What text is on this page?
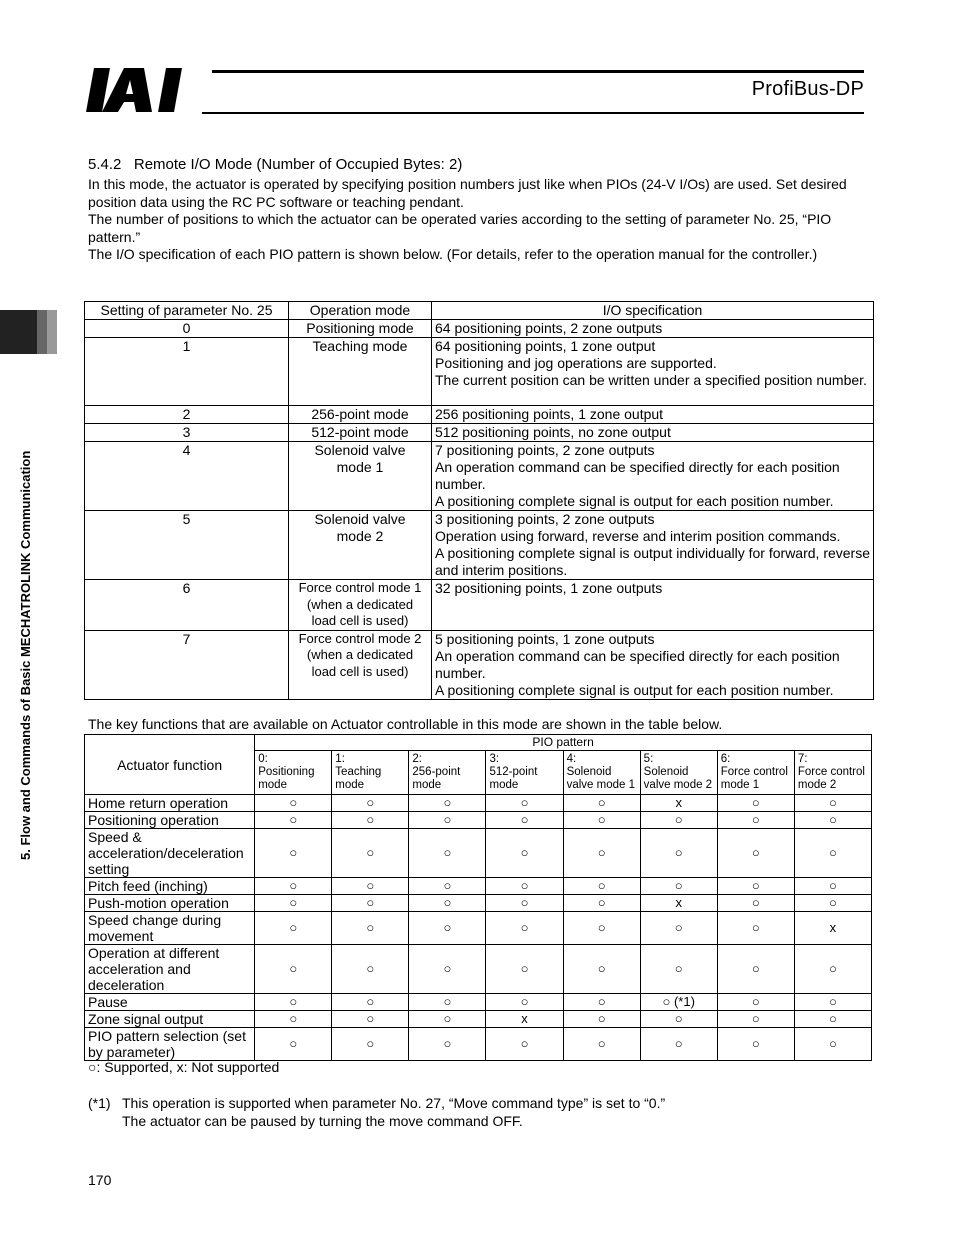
IAI
ProfiBus-DP
5. Flow and Commands of Basic MECHATROLINK Communication
5.4.2   Remote I/O Mode (Number of Occupied Bytes: 2)
In this mode, the actuator is operated by specifying position numbers just like when PIOs (24-V I/Os) are used. Set desired position data using the RC PC software or teaching pendant.
The number of positions to which the actuator can be operated varies according to the setting of parameter No. 25, “PIO pattern.”
The I/O specification of each PIO pattern is shown below. (For details, refer to the operation manual for the controller.)
Setting of parameter No. 25	Operation mode	I/O specification
0	Positioning mode	64 positioning points, 2 zone outputs
1	Teaching mode	64 positioning points, 1 zone output
Positioning and jog operations are supported.
The current position can be written under a specified position number.
2	256-point mode	256 positioning points, 1 zone output
3	512-point mode	512 positioning points, no zone output
4	Solenoid valve
mode 1	7 positioning points, 2 zone outputs
An operation command can be specified directly for each position number.
A positioning complete signal is output for each position number.
5	Solenoid valve
mode 2	3 positioning points, 2 zone outputs
Operation using forward, reverse and interim position commands.
A positioning complete signal is output individually for forward, reverse and interim positions.
6	Force control mode 1
(when a dedicated
load cell is used)	32 positioning points, 1 zone outputs
7	Force control mode 2
(when a dedicated
load cell is used)	5 positioning points, 1 zone outputs
An operation command can be specified directly for each position number.
A positioning complete signal is output for each position number.
The key functions that are available on Actuator controllable in this mode are shown in the table below.
Actuator function	PIO pattern							
	0:
Positioning
mode	1:
Teaching
mode	2:
256-point
mode	3:
512-point
mode	4:
Solenoid
valve mode 1	5:
Solenoid
valve mode 2	6:
Force control
mode 1	7:
Force control
mode 2
Home return operation	○	○	○	○	○	x	○	○
Positioning operation	○	○	○	○	○	○	○	○
Speed &
acceleration/deceleration
setting	○	○	○	○	○	○	○	○
Pitch feed (inching)	○	○	○	○	○	○	○	○
Push-motion operation	○	○	○	○	○	x	○	○
Speed change during
movement	○	○	○	○	○	○	○	x
Operation at different
acceleration and
deceleration	○	○	○	○	○	○	○	○
Pause	○	○	○	○	○	○ (*1)	○	○
Zone signal output	○	○	○	x	○	○	○	○
PIO pattern selection (set
by parameter)	○	○	○	○	○	○	○	○
○: Supported, x: Not supported
(*1) This operation is supported when parameter No. 27, “Move command type” is set to “0.”
The actuator can be paused by turning the move command OFF.
170
